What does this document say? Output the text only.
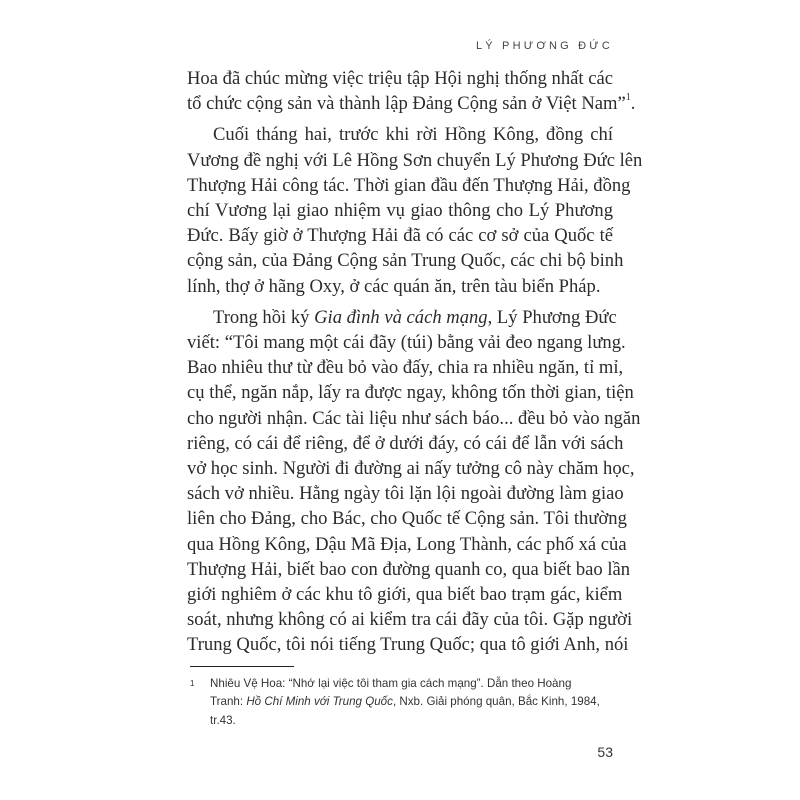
LÝ PHƯƠNG ĐỨC
Hoa đã chúc mừng việc triệu tập Hội nghị thống nhất các
tổ chức cộng sản và thành lập Đảng Cộng sản ở Việt Nam”$^1$.
Cuối tháng hai, trước khi rời Hồng Kông, đồng chí
Vương đề nghị với Lê Hồng Sơn chuyển Lý Phương Đức lên
Thượng Hải công tác. Thời gian đầu đến Thượng Hải, đồng
chí Vương lại giao nhiệm vụ giao thông cho Lý Phương
Đức. Bấy giờ ở Thượng Hải đã có các cơ sở của Quốc tế
cộng sản, của Đảng Cộng sản Trung Quốc, các chi bộ binh
lính, thợ ở hãng Oxy, ở các quán ăn, trên tàu biển Pháp.
Trong hồi ký Gia đình và cách mạng, Lý Phương Đức
viết: “Tôi mang một cái đãy (túi) bằng vải đeo ngang lưng.
Bao nhiêu thư từ đều bỏ vào đấy, chia ra nhiều ngăn, tỉ mỉ,
cụ thể, ngăn nắp, lấy ra được ngay, không tốn thời gian, tiện
cho người nhận. Các tài liệu như sách báo... đều bỏ vào ngăn
riêng, có cái để riêng, để ở dưới đáy, có cái để lẫn với sách
vở học sinh. Người đi đường ai nấy tưởng cô này chăm học,
sách vở nhiều. Hằng ngày tôi lặn lội ngoài đường làm giao
liên cho Đảng, cho Bác, cho Quốc tế Cộng sản. Tôi thường
qua Hồng Kông, Dậu Mã Địa, Long Thành, các phố xá của
Thượng Hải, biết bao con đường quanh co, qua biết bao lần
giới nghiêm ở các khu tô giới, qua biết bao trạm gác, kiểm
soát, nhưng không có ai kiểm tra cái đãy của tôi. Gặp người
Trung Quốc, tôi nói tiếng Trung Quốc; qua tô giới Anh, nói
1	Nhiêu Vệ Hoa: “Nhớ lại việc tôi tham gia cách mạng”. Dẫn theo Hoàng
Tranh: Hồ Chí Minh với Trung Quốc, Nxb. Giải phóng quân, Bắc Kinh, 1984,
tr.43.
53
